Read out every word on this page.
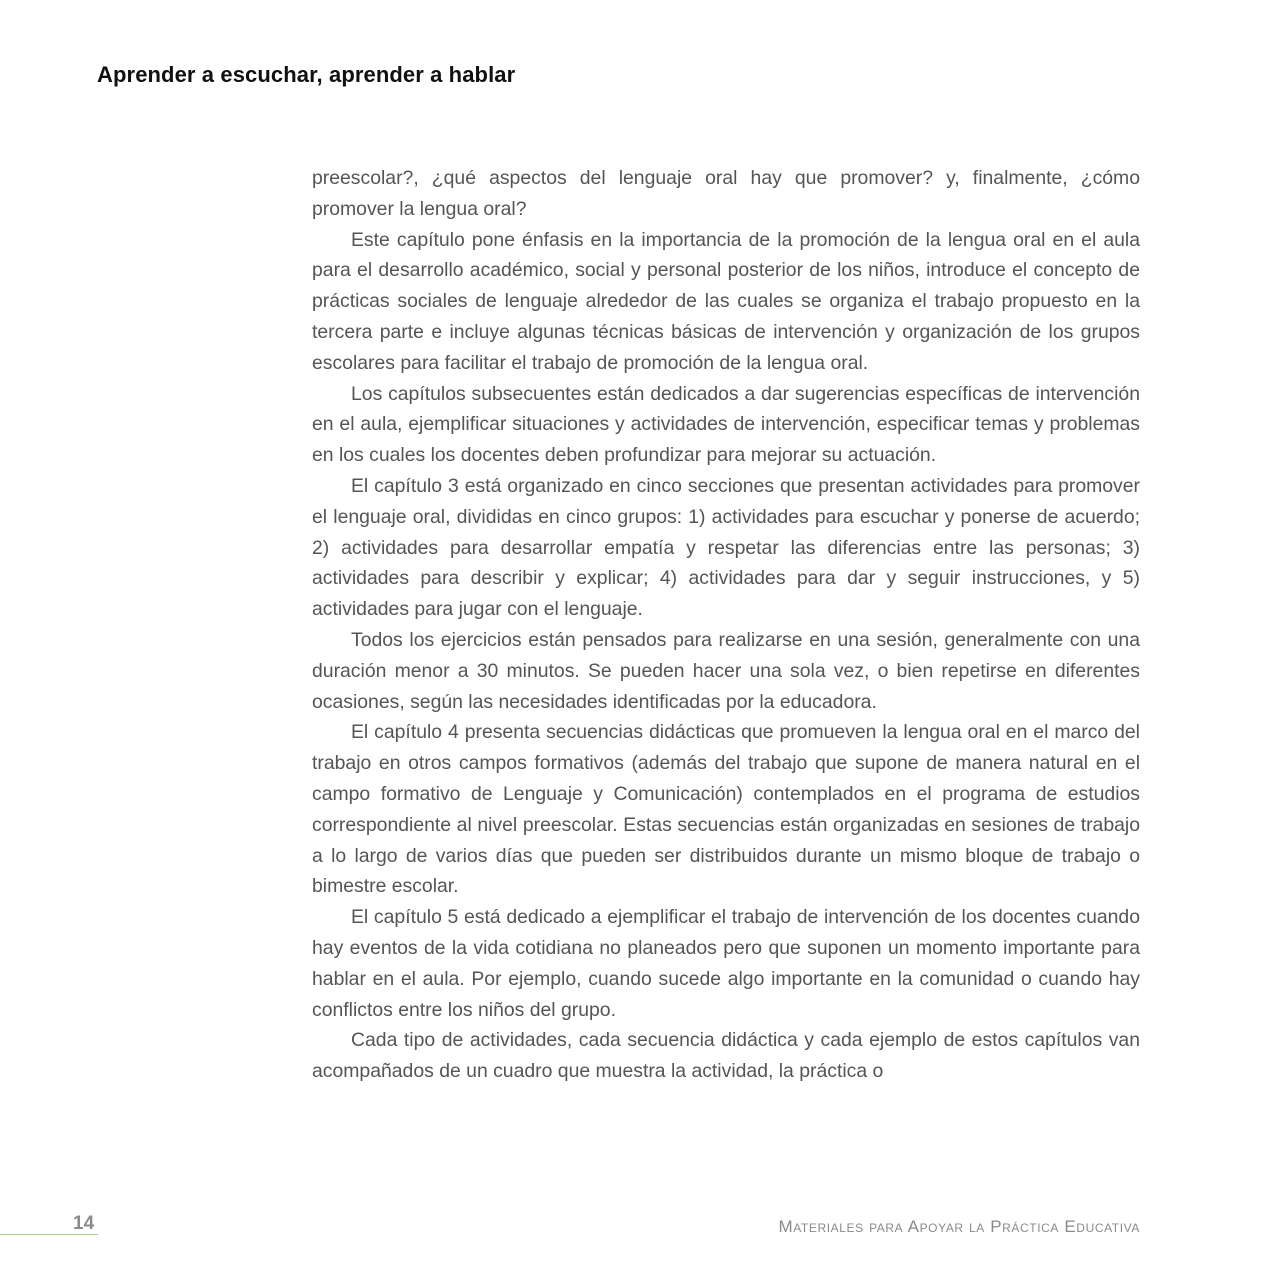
Aprender a escuchar, aprender a hablar

preescolar?, ¿qué aspectos del lenguaje oral hay que promover? y, finalmente, ¿cómo promover la lengua oral?

Este capítulo pone énfasis en la importancia de la promoción de la lengua oral en el aula para el desarrollo académico, social y personal posterior de los niños, introduce el concepto de prácticas sociales de lenguaje alrededor de las cuales se organiza el trabajo propuesto en la tercera parte e incluye algunas técnicas básicas de intervención y organización de los grupos escolares para facilitar el trabajo de promoción de la lengua oral.

Los capítulos subsecuentes están dedicados a dar sugerencias específicas de intervención en el aula, ejemplificar situaciones y actividades de intervención, especificar temas y problemas en los cuales los docentes deben profundizar para mejorar su actuación.

El capítulo 3 está organizado en cinco secciones que presentan actividades para promover el lenguaje oral, divididas en cinco grupos: 1) actividades para escuchar y ponerse de acuerdo; 2) actividades para desarrollar empatía y respetar las diferencias entre las personas; 3) actividades para describir y explicar; 4) actividades para dar y seguir instrucciones, y 5) actividades para jugar con el lenguaje.

Todos los ejercicios están pensados para realizarse en una sesión, generalmente con una duración menor a 30 minutos. Se pueden hacer una sola vez, o bien repetirse en diferentes ocasiones, según las necesidades identificadas por la educadora.

El capítulo 4 presenta secuencias didácticas que promueven la lengua oral en el marco del trabajo en otros campos formativos (además del trabajo que supone de manera natural en el campo formativo de Lenguaje y Comunicación) contemplados en el programa de estudios correspondiente al nivel preescolar. Estas secuencias están organizadas en sesiones de trabajo a lo largo de varios días que pueden ser distribuidos durante un mismo bloque de trabajo o bimestre escolar.

El capítulo 5 está dedicado a ejemplificar el trabajo de intervención de los docentes cuando hay eventos de la vida cotidiana no planeados pero que suponen un momento importante para hablar en el aula. Por ejemplo, cuando sucede algo importante en la comunidad o cuando hay conflictos entre los niños del grupo.

Cada tipo de actividades, cada secuencia didáctica y cada ejemplo de estos capítulos van acompañados de un cuadro que muestra la actividad, la práctica o

14	Materiales para Apoyar la Práctica Educativa
